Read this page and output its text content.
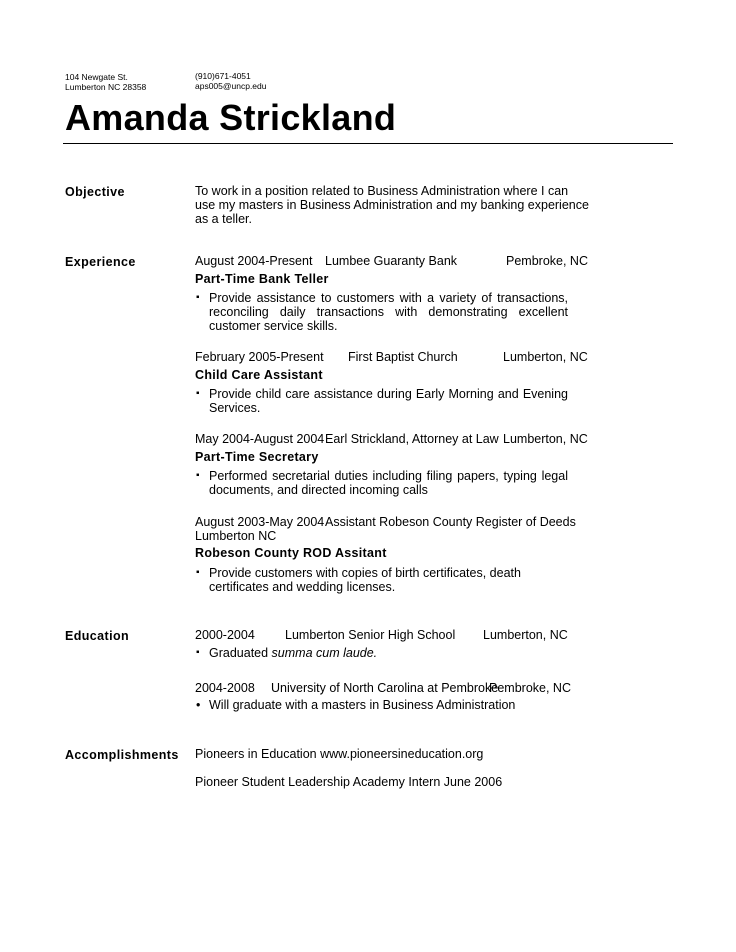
104 Newgate St.
Lumberton NC 28358
(910)671-4051
aps005@uncp.edu
Amanda Strickland
Objective	To work in a position related to Business Administration where I can use my masters in Business Administration and my banking experience as a teller.
Experience	August 2004-Present Lumbee Guaranty Bank	Pembroke, NC
Part-Time Bank Teller
▪ Provide assistance to customers with a variety of transactions, reconciling daily transactions with demonstrating excellent customer service skills.
February 2005-Present First Baptist Church	Lumberton, NC
Child Care Assistant
▪ Provide child care assistance during Early Morning and Evening Services.
May 2004-August 2004 Earl Strickland, Attorney at Law Lumberton, NC
Part-Time Secretary
▪ Performed secretarial duties including filing papers, typing legal documents, and directed incoming calls
August 2003-May 2004 Assistant Robeson County Register of Deeds
Lumberton NC
Robeson County ROD Assitant
▪ Provide customers with copies of birth certificates, death certificates and wedding licenses.
Education	2000-2004 Lumberton Senior High School Lumberton, NC
▪ Graduated summa cum laude.
2004-2008 University of North Carolina at Pembroke
Pembroke, NC
• Will graduate with a masters in Business Administration
Accomplishments Pioneers in Education www.pioneersineducation.org
Pioneer Student Leadership Academy Intern June 2006
